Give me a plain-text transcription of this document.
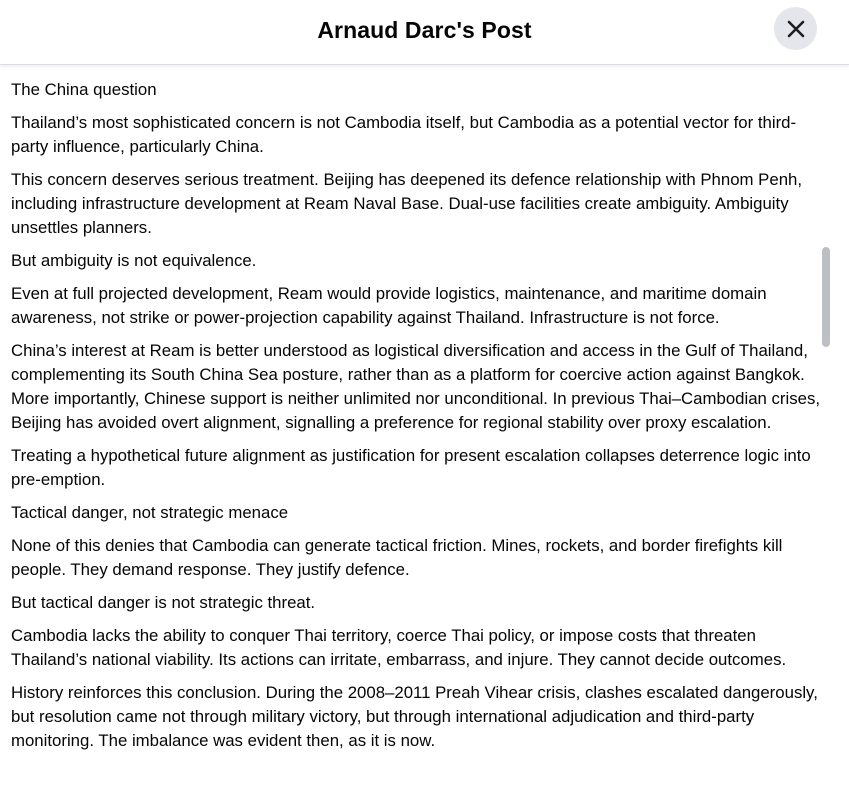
Arnaud Darc's Post

The China question

Thailand’s most sophisticated concern is not Cambodia itself, but Cambodia as a potential vector for third-party influence, particularly China.

This concern deserves serious treatment. Beijing has deepened its defence relationship with Phnom Penh, including infrastructure development at Ream Naval Base. Dual-use facilities create ambiguity. Ambiguity unsettles planners.

But ambiguity is not equivalence.

Even at full projected development, Ream would provide logistics, maintenance, and maritime domain awareness, not strike or power-projection capability against Thailand. Infrastructure is not force.

China’s interest at Ream is better understood as logistical diversification and access in the Gulf of Thailand, complementing its South China Sea posture, rather than as a platform for coercive action against Bangkok. More importantly, Chinese support is neither unlimited nor unconditional. In previous Thai–Cambodian crises, Beijing has avoided overt alignment, signalling a preference for regional stability over proxy escalation.

Treating a hypothetical future alignment as justification for present escalation collapses deterrence logic into pre-emption.

Tactical danger, not strategic menace

None of this denies that Cambodia can generate tactical friction. Mines, rockets, and border firefights kill people. They demand response. They justify defence.

But tactical danger is not strategic threat.

Cambodia lacks the ability to conquer Thai territory, coerce Thai policy, or impose costs that threaten Thailand’s national viability. Its actions can irritate, embarrass, and injure. They cannot decide outcomes.

History reinforces this conclusion. During the 2008–2011 Preah Vihear crisis, clashes escalated dangerously, but resolution came not through military victory, but through international adjudication and third-party monitoring. The imbalance was evident then, as it is now.
